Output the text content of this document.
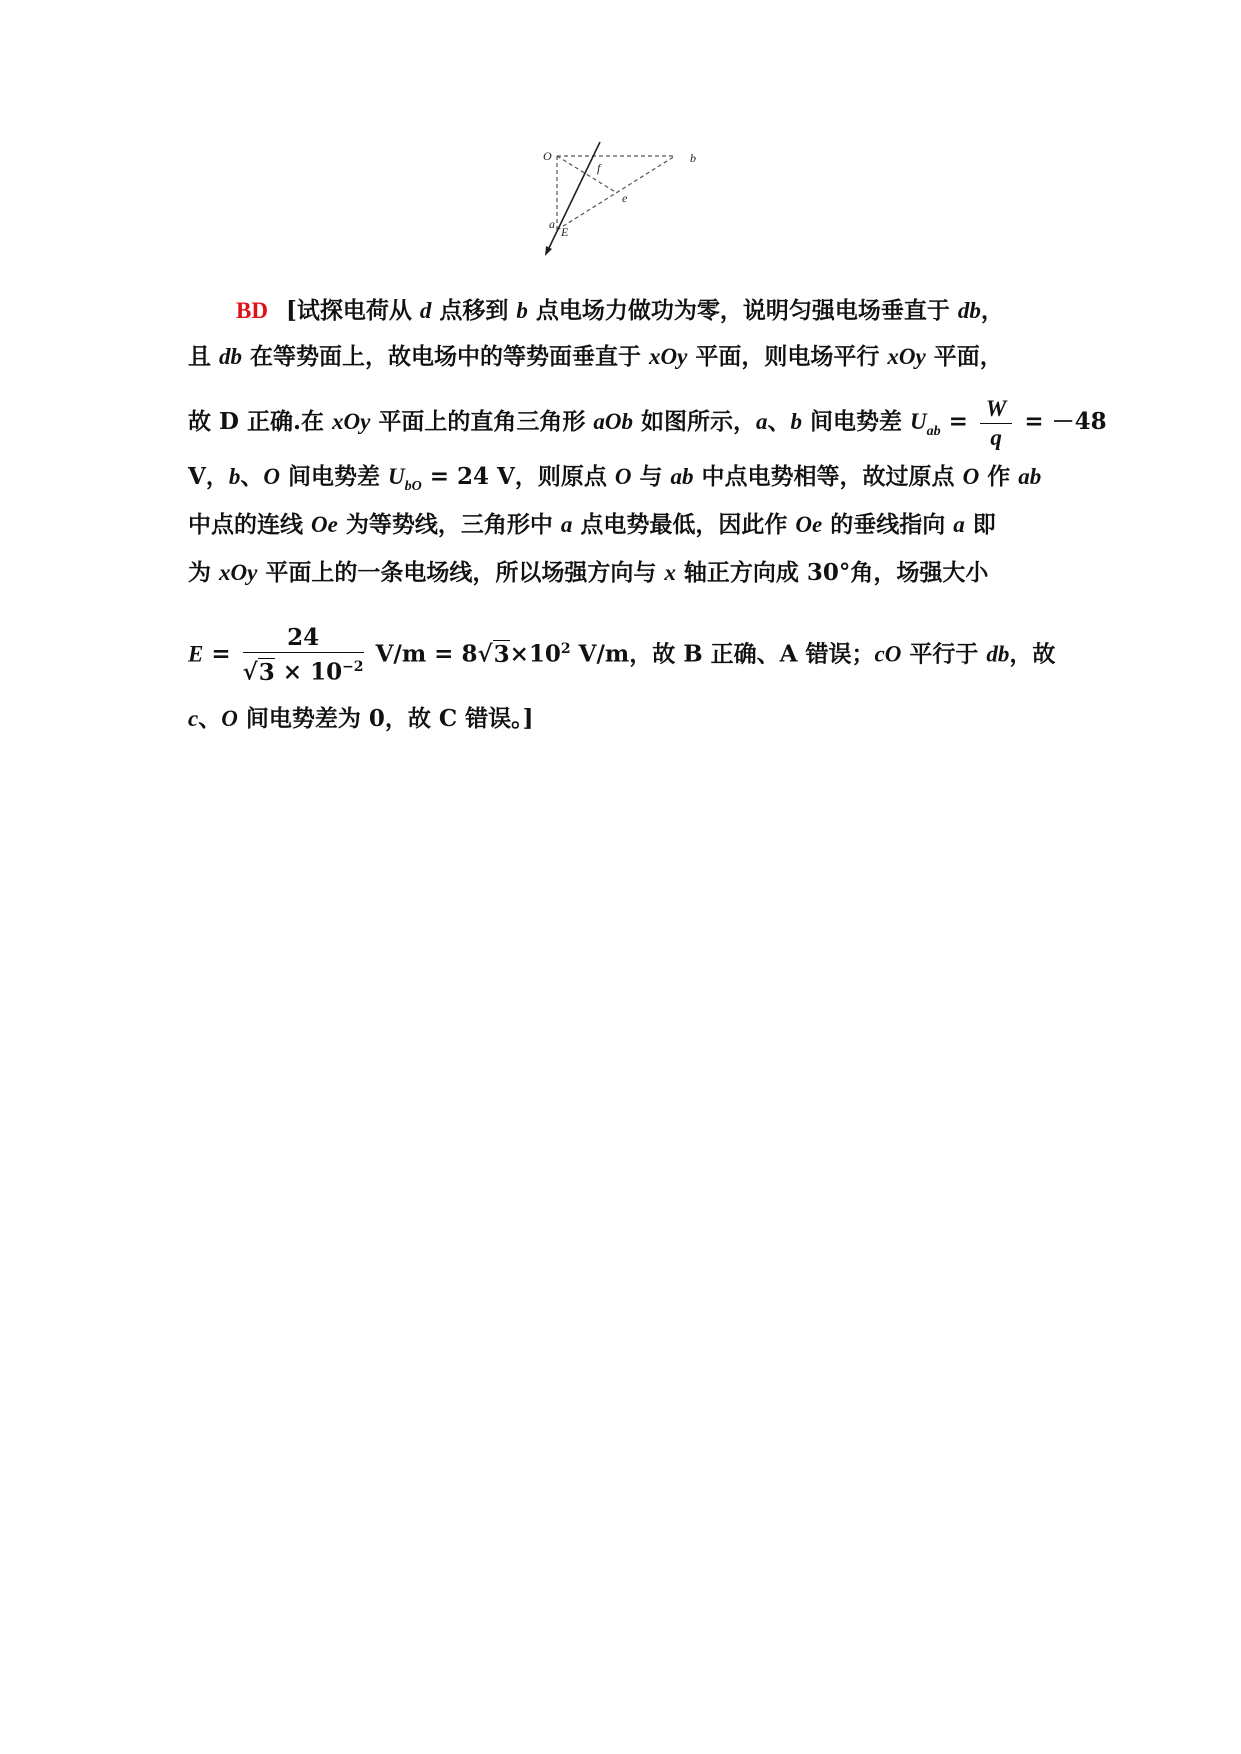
O	b
f
e
a
E
BD [试探电荷从 d 点移到 b 点电场力做功为零，说明匀强电场垂直于 db，
且 db 在等势面上，故电场中的等势面垂直于 xOy 平面，则电场平行 xOy 平面，
故 D 正确.在 xOy 平面上的直角三角形 aOb 如图所示，a、b 间电势差 $U_{ab} = \frac{W}{q} = -48$
V，b、O 间电势差 $U_{bO} = 24$ V，则原点 O 与 ab 中点电势相等，故过原点 O 作 ab
中点的连线 Oe 为等势线，三角形中 a 点电势最低，因此作 Oe 的垂线指向 a 即
为 xOy 平面上的一条电场线，所以场强方向与 x 轴正方向成 30°角，场强大小
$E = \frac{24}{√3 \times 10^{-2}} V/m = 8√3\times 10^2$ V/m，故 B 正确、A 错误；cO 平行于 db，故
c、O 间电势差为 0，故 C 错误。]
